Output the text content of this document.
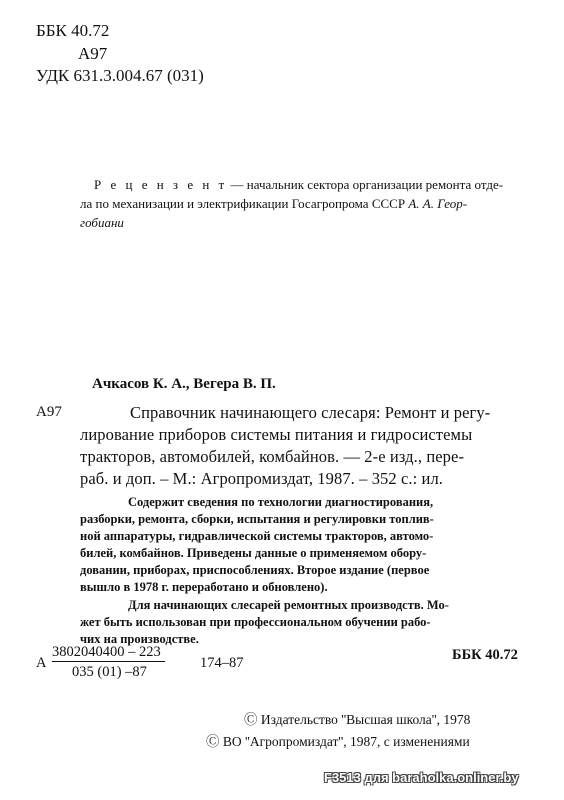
ББК 40.72
А97
УДК 631.3.004.67 (031)
Р е ц е н з е н т — начальник сектора организации ремонта отде-
ла по механизации и электрификации Госагропрома СССР А. А. Геор-
гобиани
Ачкасов К. А., Вегера В. П.
А97	Справочник начинающего слесаря: Ремонт и регу-
лирование приборов системы питания и гидросистемы
тракторов, автомобилей, комбайнов. — 2-е изд., пере-
раб. и доп. – М.: Агропромиздат, 1987. – 352 с.: ил.
Содержит сведения по технологии диагностирования,
разборки, ремонта, сборки, испытания и регулировки топлив-
ной аппаратуры, гидравлической системы тракторов, автомо-
билей, комбайнов. Приведены данные о применяемом обору-
довании, приборах, приспособлениях. Второе издание (первое
вышло в 1978 г. переработано и обновлено).
Для начинающих слесарей ремонтных производств. Мо-
жет быть использован при профессиональном обучении рабо-
чих на производстве.
А
3802040400 – 223
035 (01) –87
174–87	ББК 40.72
Ⓒ Издательство ''Высшая школа'', 1978
Ⓒ ВО ''Агропромиздат'', 1987, с изменениями
F3513 для baraholka.onliner.by
